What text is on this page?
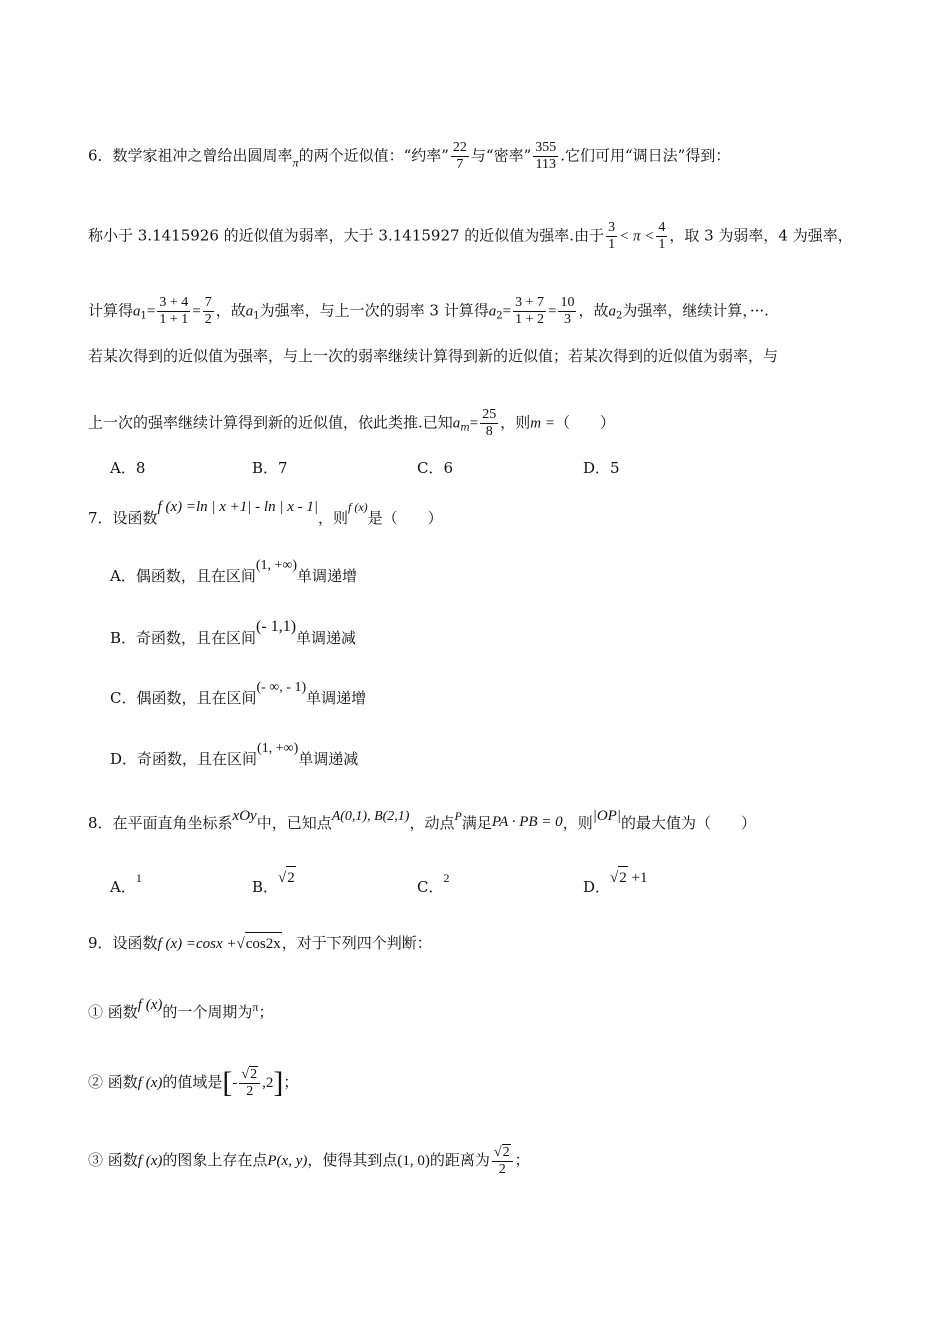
6．数学家祖冲之曾给出圆周率$_\pi$的两个近似值：“约率” $\frac{22}{7}$ 与“密率” $\frac{355}{113}$ .它们可用“调日法”得到：
称小于 3.1415926 的近似值为弱率，大于 3.1415927 的近似值为强率.由于 $\frac{3}{1} < \pi < \frac{4}{1}$ ，取 3 为弱率，4 为强率，
计算得$a_1= \frac{3 + 4}{1 + 1} = \frac{7}{2}$ ，故$a_1$为强率，与上一次的弱率 3 计算得$a_2= \frac{3 + 7}{1 + 2} = \frac{10}{3}$ ，故$a_2$为强率，继续计算，···.
若某次得到的近似值为强率，与上一次的弱率继续计算得到新的近似值；若某次得到的近似值为弱率，与
上一次的强率继续计算得到新的近似值，依此类推.已知$a_m= \frac{25}{8}$ ，则m =（　　）
A．8	B．7	C．6	D．5
7．设函数f (x) =ln | x +1| - ln | x - 1|，则f (x)是（　　）
A．偶函数，且在区间(1, +∞)单调递增
B．奇函数，且在区间(- 1,1)单调递减
C．偶函数，且在区间(- ∞, - 1)单调递增
D．奇函数，且在区间(1, +∞)单调递减
8．在平面直角坐标系xOy中，已知点A(0,1), B(2,1)，动点P满足PA · PB = 0，则|OP|的最大值为（　　）
A．1	B．√2	C．2	D．√2 +1
9．设函数f (x) =cosx +√cos2x，对于下列四个判断：
① 函数f (x)的一个周期为$^\pi$；
② 函数f (x)的值域是[- $\frac{√2}{2} ,2$]；
③ 函数f (x)的图象上存在点P(x, y)，使得其到点(1, 0)的距离为 $\frac{√2}{2}$ ；
